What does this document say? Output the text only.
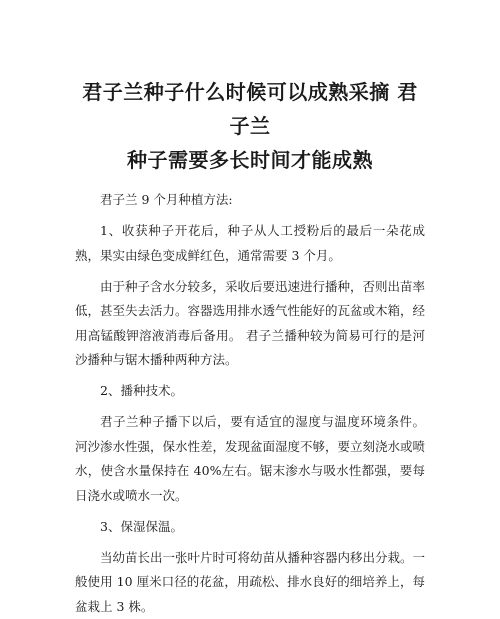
君子兰种子什么时候可以成熟采摘 君子兰
种子需要多长时间才能成熟

君子兰 9 个月种植方法:

1、收获种子开花后，种子从人工授粉后的最后一朵花成熟，果实由绿色变成鲜红色，通常需要 3 个月。

由于种子含水分较多，采收后要迅速进行播种，否则出苗率低，甚至失去活力。容器选用排水透气性能好的瓦盆或木箱，经用高锰酸钾溶液消毒后备用。 君子兰播种较为简易可行的是河沙播种与锯木播种两种方法。

2、播种技术。

君子兰种子播下以后，要有适宜的湿度与温度环境条件。 河沙渗水性强，保水性差，发现盆面湿度不够，要立刻浇水或喷水，使含水量保持在 40%左右。锯末渗水与吸水性都强，要每日浇水或喷水一次。

3、保湿保温。

当幼苗长出一张叶片时可将幼苗从播种容器内移出分栽。一般使用 10 厘米口径的花盆，用疏松、排水良好的细培养上，每盆栽上 3 株。
